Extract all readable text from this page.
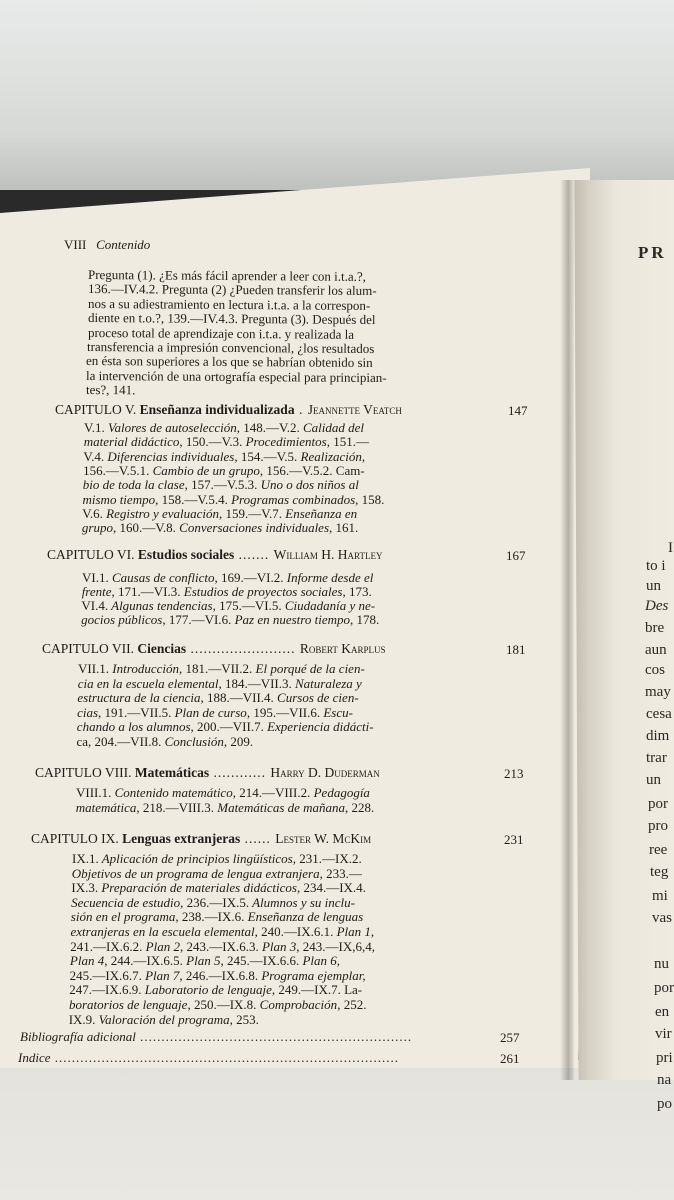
VIII Contenido
Pregunta (1). ¿Es más fácil aprender a leer con i.t.a.?,
136.—IV.4.2. Pregunta (2) ¿Pueden transferir los alum-
nos a su adiestramiento en lectura i.t.a. a la correspon-
diente en t.o.?, 139.—IV.4.3. Pregunta (3). Después del
proceso total de aprendizaje con i.t.a. y realizada la
transferencia a impresión convencional, ¿los resultados
en ésta son superiores a los que se habrían obtenido sin
la intervención de una ortografía especial para principian-
tes?, 141.
CAPITULO V. Enseñanza individualizada . Jeannette Veatch	147
V.1. Valores de autoselección, 148.—V.2. Calidad del
material didáctico, 150.—V.3. Procedimientos, 151.—
V.4. Diferencias individuales, 154.—V.5. Realización,
156.—V.5.1. Cambio de un grupo, 156.—V.5.2. Cam-
bio de toda la clase, 157.—V.5.3. Uno o dos niños al
mismo tiempo, 158.—V.5.4. Programas combinados, 158.
V.6. Registro y evaluación, 159.—V.7. Enseñanza en
grupo, 160.—V.8. Conversaciones individuales, 161.
CAPITULO VI. Estudios sociales ....... William H. Hartley	167
VI.1. Causas de conflicto, 169.—VI.2. Informe desde el
frente, 171.—VI.3. Estudios de proyectos sociales, 173.
VI.4. Algunas tendencias, 175.—VI.5. Ciudadanía y ne-
gocios públicos, 177.—VI.6. Paz en nuestro tiempo, 178.
CAPITULO VII. Ciencias ........................ Robert Karplus	181
VII.1. Introducción, 181.—VII.2. El porqué de la cien-
cia en la escuela elemental, 184.—VII.3. Naturaleza y
estructura de la ciencia, 188.—VII.4. Cursos de cien-
cias, 191.—VII.5. Plan de curso, 195.—VII.6. Escu-
chando a los alumnos, 200.—VII.7. Experiencia didácti-
ca, 204.—VII.8. Conclusión, 209.
CAPITULO VIII. Matemáticas ............ Harry D. Duderman	213
VIII.1. Contenido matemático, 214.—VIII.2. Pedagogía
matemática, 218.—VIII.3. Matemáticas de mañana, 228.
CAPITULO IX. Lenguas extranjeras ...... Lester W. McKim	231
IX.1. Aplicación de principios lingüísticos, 231.—IX.2.
Objetivos de un programa de lengua extranjera, 233.—
IX.3. Preparación de materiales didácticos, 234.—IX.4.
Secuencia de estudio, 236.—IX.5. Alumnos y su inclu-
sión en el programa, 238.—IX.6. Enseñanza de lenguas
extranjeras en la escuela elemental, 240.—IX.6.1. Plan 1,
241.—IX.6.2. Plan 2, 243.—IX.6.3. Plan 3, 243.—IX,6,4,
Plan 4, 244.—IX.6.5. Plan 5, 245.—IX.6.6. Plan 6,
245.—IX.6.7. Plan 7, 246.—IX.6.8. Programa ejemplar,
247.—IX.6.9. Laboratorio de lenguaje, 249.—IX.7. La-
boratorios de lenguaje, 250.—IX.8. Comprobación, 252.
IX.9. Valoración del programa, 253.
Bibliografía adicional ................................................................	257
Indice .................................................................................	261
PR
I
to i
un
Des
bre
aun
cos
may
cesa
dim
trar
un
por
pro
ree
teg
mi
vas
nu
por
en
vir
pri
na
po
